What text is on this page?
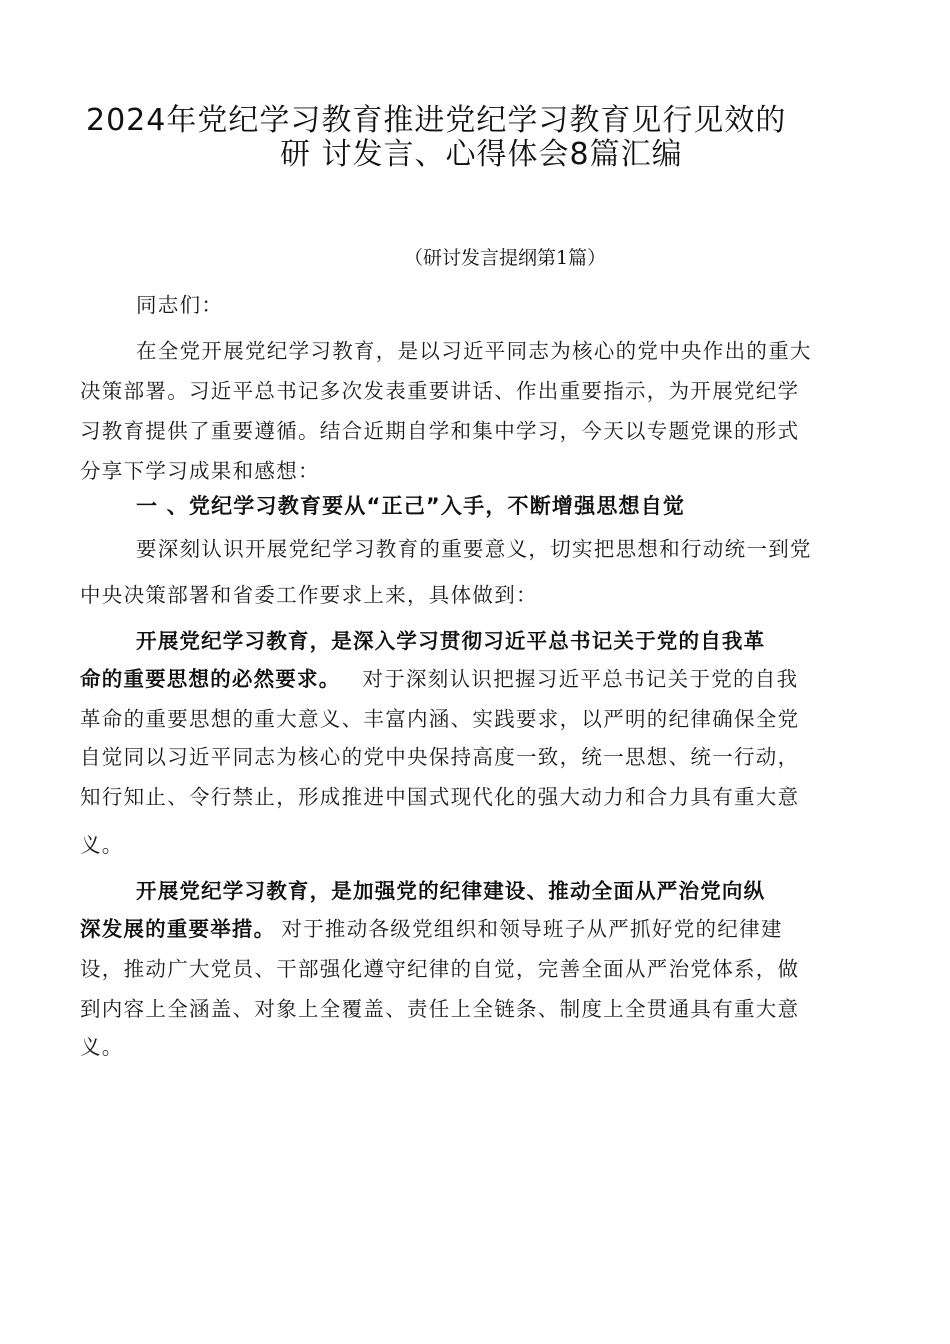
2024年党纪学习教育推进党纪学习教育见行见效的
研 讨发言、心得体会8篇汇编
（研讨发言提纲第1篇）
同志们：
在全党开展党纪学习教育，是以习近平同志为核心的党中央作出的重大
决策部署。习近平总书记多次发表重要讲话、作出重要指示，为开展党纪学
习教育提供了重要遵循。结合近期自学和集中学习，今天以专题党课的形式
分享下学习成果和感想：
一 、党纪学习教育要从“正己”入手，不断增强思想自觉
要深刻认识开展党纪学习教育的重要意义，切实把思想和行动统一到党
中央决策部署和省委工作要求上来，具体做到：
开展党纪学习教育，是深入学习贯彻习近平总书记关于党的自我革
命的重要思想的必然要求。 对于深刻认识把握习近平总书记关于党的自我
革命的重要思想的重大意义、丰富内涵、实践要求，以严明的纪律确保全党
自觉同以习近平同志为核心的党中央保持高度一致，统一思想、统一行动，
知行知止、令行禁止，形成推进中国式现代化的强大动力和合力具有重大意
义。
开展党纪学习教育，是加强党的纪律建设、推动全面从严治党向纵
深发展的重要举措。 对于推动各级党组织和领导班子从严抓好党的纪律建
设，推动广大党员、干部强化遵守纪律的自觉，完善全面从严治党体系，做
到内容上全涵盖、对象上全覆盖、责任上全链条、制度上全贯通具有重大意
义。
